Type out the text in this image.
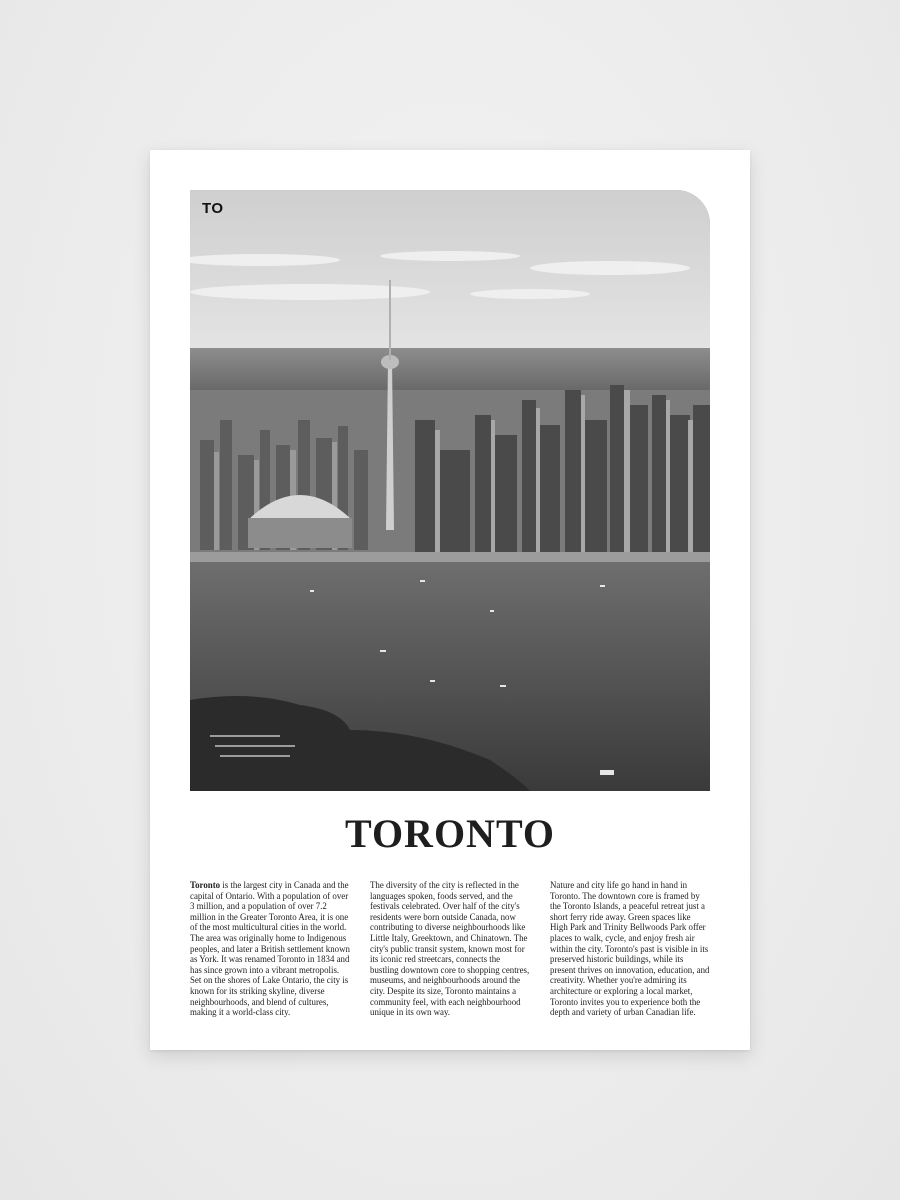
TO
TORONTO
Toronto is the largest city in Canada and the capital of Ontario. With a population of over 3 million, and a population of over 7.2 million in the Greater Toronto Area, it is one of the most multicultural cities in the world. The area was originally home to Indigenous peoples, and later a British settlement known as York. It was renamed Toronto in 1834 and has since grown into a vibrant metropolis. Set on the shores of Lake Ontario, the city is known for its striking skyline, diverse neighbourhoods, and blend of cultures, making it a world-class city.
The diversity of the city is reflected in the languages spoken, foods served, and the festivals celebrated. Over half of the city's residents were born outside Canada, now contributing to diverse neighbourhoods like Little Italy, Greektown, and Chinatown. The city's public transit system, known most for its iconic red streetcars, connects the bustling downtown core to shopping centres, museums, and neighbourhoods around the city. Despite its size, Toronto maintains a community feel, with each neighbourhood unique in its own way.
Nature and city life go hand in hand in Toronto. The downtown core is framed by the Toronto Islands, a peaceful retreat just a short ferry ride away. Green spaces like High Park and Trinity Bellwoods Park offer places to walk, cycle, and enjoy fresh air within the city. Toronto's past is visible in its preserved historic buildings, while its present thrives on innovation, education, and creativity. Whether you're admiring its architecture or exploring a local market, Toronto invites you to experience both the depth and variety of urban Canadian life.
